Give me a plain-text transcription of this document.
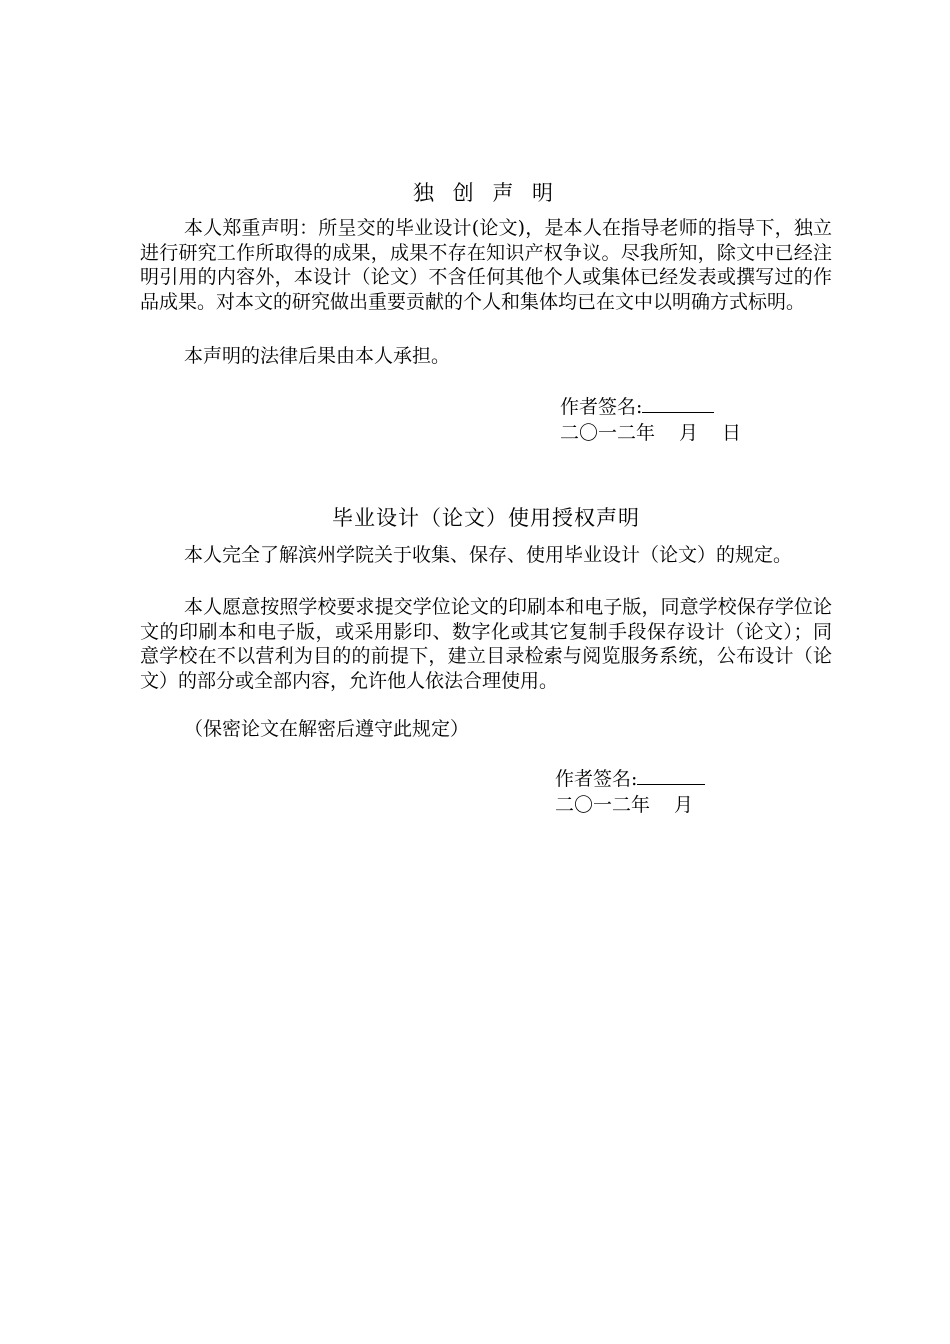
独 创 声 明

本人郑重声明：所呈交的毕业设计(论文)，是本人在指导老师的指导下，独立进行研究工作所取得的成果，成果不存在知识产权争议。尽我所知，除文中已经注明引用的内容外，本设计（论文）不含任何其他个人或集体已经发表或撰写过的作品成果。对本文的研究做出重要贡献的个人和集体均已在文中以明确方式标明。

本声明的法律后果由本人承担。

作者签名:
二〇一二年 月 日
毕业设计（论文）使用授权声明

本人完全了解滨州学院关于收集、保存、使用毕业设计（论文）的规定。

本人愿意按照学校要求提交学位论文的印刷本和电子版，同意学校保存学位论文的印刷本和电子版，或采用影印、数字化或其它复制手段保存设计（论文）；同意学校在不以营利为目的的前提下，建立目录检索与阅览服务系统，公布设计（论文）的部分或全部内容，允许他人依法合理使用。

（保密论文在解密后遵守此规定）

作者签名:
二〇一二年 月
